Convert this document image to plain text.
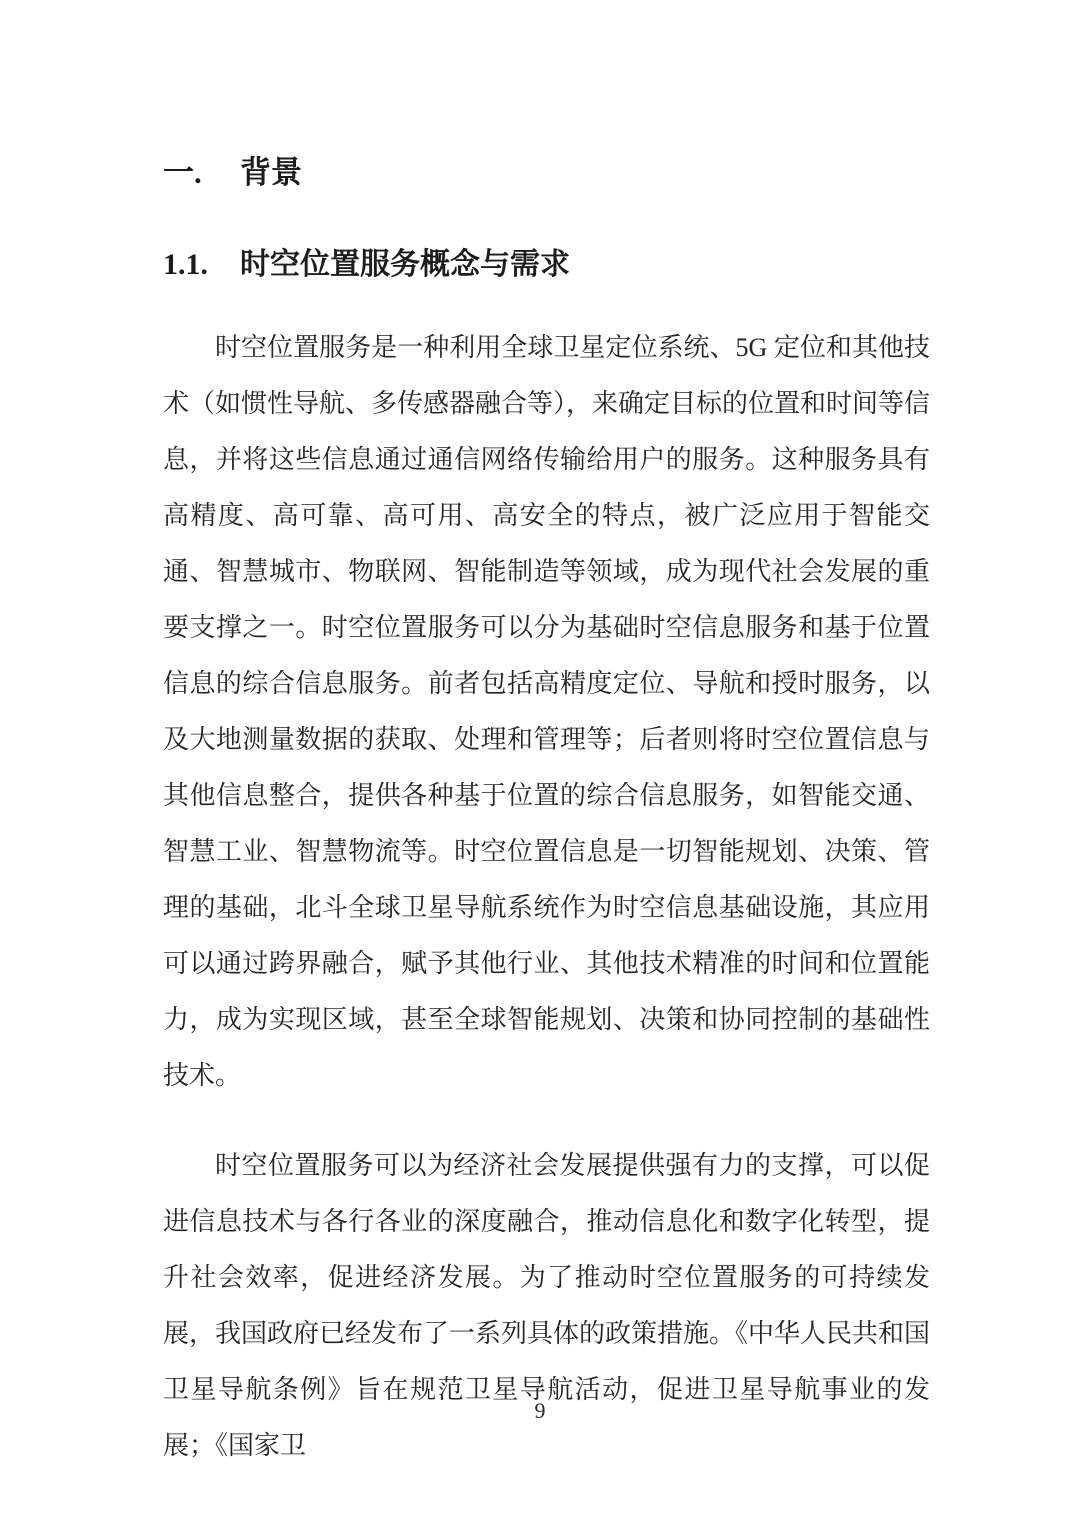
一. 背景
1.1. 时空位置服务概念与需求

时空位置服务是一种利用全球卫星定位系统、5G 定位和其他技术（如惯性导航、多传感器融合等），来确定目标的位置和时间等信息，并将这些信息通过通信网络传输给用户的服务。这种服务具有高精度、高可靠、高可用、高安全的特点，被广泛应用于智能交通、智慧城市、物联网、智能制造等领域，成为现代社会发展的重要支撑之一。时空位置服务可以分为基础时空信息服务和基于位置信息的综合信息服务。前者包括高精度定位、导航和授时服务，以及大地测量数据的获取、处理和管理等；后者则将时空位置信息与其他信息整合，提供各种基于位置的综合信息服务，如智能交通、智慧工业、智慧物流等。时空位置信息是一切智能规划、决策、管理的基础，北斗全球卫星导航系统作为时空信息基础设施，其应用可以通过跨界融合，赋予其他行业、其他技术精准的时间和位置能力，成为实现区域，甚至全球智能规划、决策和协同控制的基础性技术。

时空位置服务可以为经济社会发展提供强有力的支撑，可以促进信息技术与各行各业的深度融合，推动信息化和数字化转型，提升社会效率，促进经济发展。为了推动时空位置服务的可持续发展，我国政府已经发布了一系列具体的政策措施。《中华人民共和国卫星导航条例》旨在规范卫星导航活动，促进卫星导航事业的发展；《国家卫

9
